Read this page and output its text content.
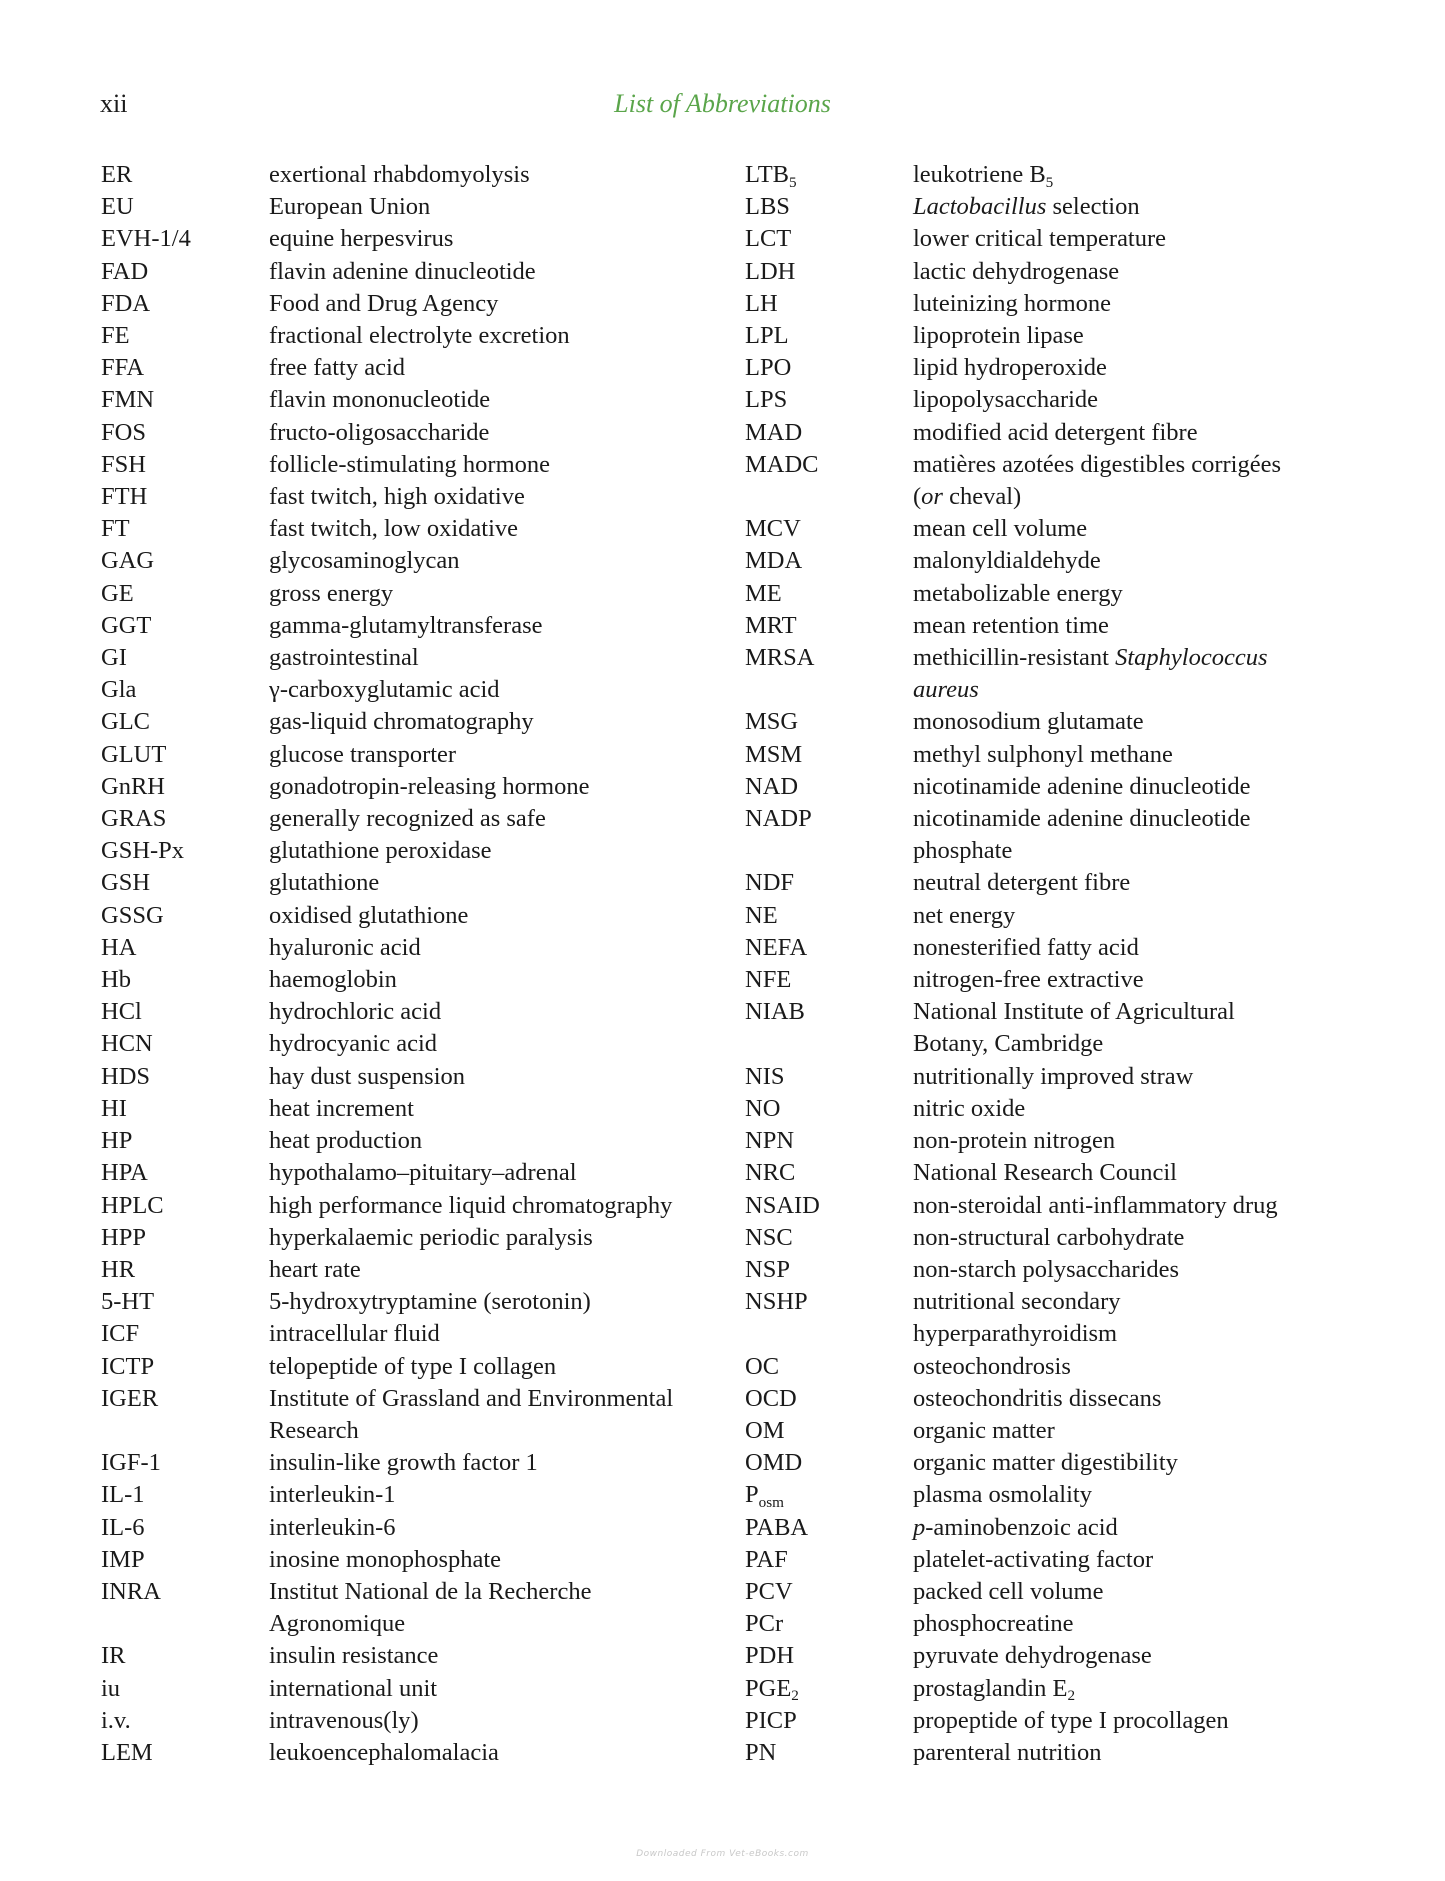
xii	List of Abbreviations
ER	exertional rhabdomyolysis
EU	European Union
EVH-1/4	equine herpesvirus
FAD	flavin adenine dinucleotide
FDA	Food and Drug Agency
FE	fractional electrolyte excretion
FFA	free fatty acid
FMN	flavin mononucleotide
FOS	fructo-oligosaccharide
FSH	follicle-stimulating hormone
FTH	fast twitch, high oxidative
FT	fast twitch, low oxidative
GAG	glycosaminoglycan
GE	gross energy
GGT	gamma-glutamyltransferase
GI	gastrointestinal
Gla	γ-carboxyglutamic acid
GLC	gas-liquid chromatography
GLUT	glucose transporter
GnRH	gonadotropin-releasing hormone
GRAS	generally recognized as safe
GSH-Px	glutathione peroxidase
GSH	glutathione
GSSG	oxidised glutathione
HA	hyaluronic acid
Hb	haemoglobin
HCl	hydrochloric acid
HCN	hydrocyanic acid
HDS	hay dust suspension
HI	heat increment
HP	heat production
HPA	hypothalamo–pituitary–adrenal
HPLC	high performance liquid chromatography
HPP	hyperkalaemic periodic paralysis
HR	heart rate
5-HT	5-hydroxytryptamine (serotonin)
ICF	intracellular fluid
ICTP	telopeptide of type I collagen
IGER	Institute of Grassland and Environmental
Research
IGF-1	insulin-like growth factor 1
IL-1	interleukin-1
IL-6	interleukin-6
IMP	inosine monophosphate
INRA	Institut National de la Recherche
Agronomique
IR	insulin resistance
iu	international unit
i.v.	intravenous(ly)
LEM	leukoencephalomalacia
$LTB_5$	leukotriene $B_5$
LBS	Lactobacillus selection
LCT	lower critical temperature
LDH	lactic dehydrogenase
LH	luteinizing hormone
LPL	lipoprotein lipase
LPO	lipid hydroperoxide
LPS	lipopolysaccharide
MAD	modified acid detergent fibre
MADC	matières azotées digestibles corrigées
(or cheval)
MCV	mean cell volume
MDA	malonyldialdehyde
ME	metabolizable energy
MRT	mean retention time
MRSA	methicillin-resistant Staphylococcus
aureus
MSG	monosodium glutamate
MSM	methyl sulphonyl methane
NAD	nicotinamide adenine dinucleotide
NADP	nicotinamide adenine dinucleotide
phosphate
NDF	neutral detergent fibre
NE	net energy
NEFA	nonesterified fatty acid
NFE	nitrogen-free extractive
NIAB	National Institute of Agricultural
Botany, Cambridge
NIS	nutritionally improved straw
NO	nitric oxide
NPN	non-protein nitrogen
NRC	National Research Council
NSAID	non-steroidal anti-inflammatory drug
NSC	non-structural carbohydrate
NSP	non-starch polysaccharides
NSHP	nutritional secondary
hyperparathyroidism
OC	osteochondrosis
OCD	osteochondritis dissecans
OM	organic matter
OMD	organic matter digestibility
$P_{osm}$	plasma osmolality
PABA	p-aminobenzoic acid
PAF	platelet-activating factor
PCV	packed cell volume
PCr	phosphocreatine
PDH	pyruvate dehydrogenase
$PGE_2$	prostaglandin $E_2$
PICP	propeptide of type I procollagen
PN	parenteral nutrition
Downloaded From Vet-eBooks.com
